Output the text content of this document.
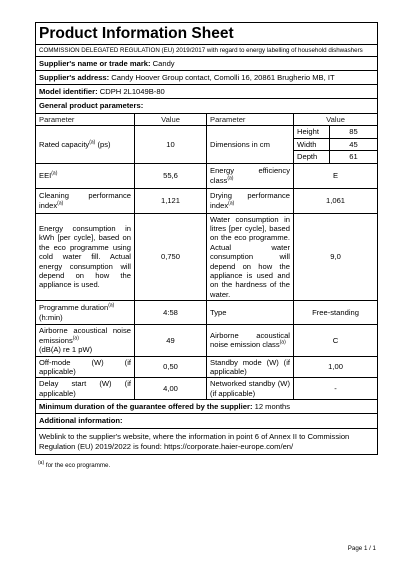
Product Information Sheet				
COMMISSION DELEGATED REGULATION (EU) 2019/2017 with regard to energy labelling of household dishwashers				
Supplier's name or trade mark: Candy				
Supplier's address: Candy Hoover Group contact, Comolli 16, 20861 Brugherio MB, IT				
Model identifier: CDPH 2L1049B-80				
General product parameters:				
Parameter	Value	Parameter	Value	
Rated capacity$^{(a)}$ (ps)	10	Dimensions in cm	Height	85
			Width	45
			Depth	61
EEI$^{(a)}$	55,6	Energy efficiency class$^{(a)}$	E	
Cleaning performance index$^{(a)}$	1,121	Drying performance index$^{(a)}$	1,061	
Energy consumption in kWh [per cycle], based on the eco programme using cold water fill. Actual energy consumption will depend on how the appliance is used.	0,750	Water consumption in litres [per cycle], based on the eco programme. Actual water consumption will depend on how the appliance is used and on the hardness of the water.	9,0	
Programme duration$^{(a)}$
(h:min)	4:58	Type	Free-standing	
Airborne acoustical noise emissions$^{(a)}$
(dB(A) re 1 pW)	49	Airborne acoustical noise emission class$^{(a)}$	C	
Off-mode (W) (if applicable)	0,50	Standby mode (W) (if applicable)	1,00	
Delay start (W) (if applicable)	4,00	Networked standby (W) (if applicable)	-	
Minimum duration of the guarantee offered by the supplier: 12 months				
Additional information:				
Weblink to the supplier's website, where the information in point 6 of Annex II to Commission Regulation (EU) 2019/2022 is found: https://corporate.haier-europe.com/en/				
$^{(a)}$ for the eco programme.
Page 1 / 1
